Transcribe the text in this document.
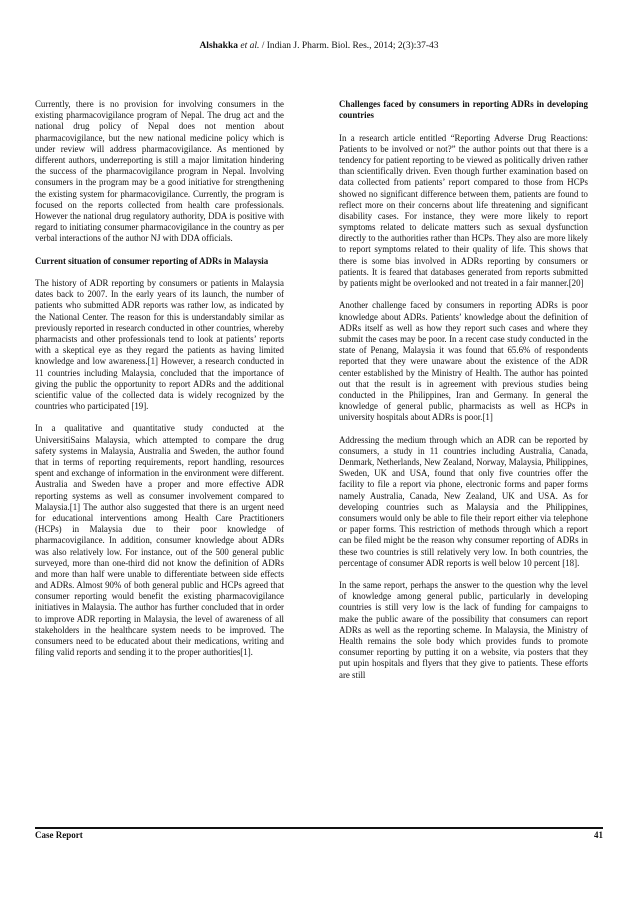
Alshakka et al. / Indian J. Pharm. Biol. Res., 2014; 2(3):37-43

Currently, there is no provision for involving consumers in the existing pharmacovigilance program of Nepal. The drug act and the national drug policy of Nepal does not mention about pharmacovigilance, but the new national medicine policy which is under review will address pharmacovigilance. As mentioned by different authors, underreporting is still a major limitation hindering the success of the pharmacovigilance program in Nepal. Involving consumers in the program may be a good initiative for strengthening the existing system for pharmacovigilance. Currently, the program is focused on the reports collected from health care professionals. However the national drug regulatory authority, DDA is positive with regard to initiating consumer pharmacovigilance in the country as per verbal interactions of the author NJ with DDA officials.

Current situation of consumer reporting of ADRs in Malaysia

The history of ADR reporting by consumers or patients in Malaysia dates back to 2007. In the early years of its launch, the number of patients who submitted ADR reports was rather low, as indicated by the National Center. The reason for this is understandably similar as previously reported in research conducted in other countries, whereby pharmacists and other professionals tend to look at patients’ reports with a skeptical eye as they regard the patients as having limited knowledge and low awareness.[1] However, a research conducted in 11 countries including Malaysia, concluded that the importance of giving the public the opportunity to report ADRs and the additional scientific value of the collected data is widely recognized by the countries who participated [19].

In a qualitative and quantitative study conducted at the UniversitiSains Malaysia, which attempted to compare the drug safety systems in Malaysia, Australia and Sweden, the author found that in terms of reporting requirements, report handling, resources spent and exchange of information in the environment were different. Australia and Sweden have a proper and more effective ADR reporting systems as well as consumer involvement compared to Malaysia.[1] The author also suggested that there is an urgent need for educational interventions among Health Care Practitioners (HCPs) in Malaysia due to their poor knowledge of pharmacovigilance. In addition, consumer knowledge about ADRs was also relatively low. For instance, out of the 500 general public surveyed, more than one-third did not know the definition of ADRs and more than half were unable to differentiate between side effects and ADRs. Almost 90% of both general public and HCPs agreed that consumer reporting would benefit the existing pharmacovigilance initiatives in Malaysia. The author has further concluded that in order to improve ADR reporting in Malaysia, the level of awareness of all stakeholders in the healthcare system needs to be improved. The consumers need to be educated about their medications, writing and filing valid reports and sending it to the proper authorities[1].

Challenges faced by consumers in reporting ADRs in developing countries

In a research article entitled “Reporting Adverse Drug Reactions: Patients to be involved or not?” the author points out that there is a tendency for patient reporting to be viewed as politically driven rather than scientifically driven. Even though further examination based on data collected from patients’ report compared to those from HCPs showed no significant difference between them, patients are found to reflect more on their concerns about life threatening and significant disability cases. For instance, they were more likely to report symptoms related to delicate matters such as sexual dysfunction directly to the authorities rather than HCPs. They also are more likely to report symptoms related to their quality of life. This shows that there is some bias involved in ADRs reporting by consumers or patients. It is feared that databases generated from reports submitted by patients might be overlooked and not treated in a fair manner.[20]

Another challenge faced by consumers in reporting ADRs is poor knowledge about ADRs. Patients’ knowledge about the definition of ADRs itself as well as how they report such cases and where they submit the cases may be poor. In a recent case study conducted in the state of Penang, Malaysia it was found that 65.6% of respondents reported that they were unaware about the existence of the ADR center established by the Ministry of Health. The author has pointed out that the result is in agreement with previous studies being conducted in the Philippines, Iran and Germany. In general the knowledge of general public, pharmacists as well as HCPs in university hospitals about ADRs is poor.[1]

Addressing the medium through which an ADR can be reported by consumers, a study in 11 countries including Australia, Canada, Denmark, Netherlands, New Zealand, Norway, Malaysia, Philippines, Sweden, UK and USA, found that only five countries offer the facility to file a report via phone, electronic forms and paper forms namely Australia, Canada, New Zealand, UK and USA. As for developing countries such as Malaysia and the Philippines, consumers would only be able to file their report either via telephone or paper forms. This restriction of methods through which a report can be filed might be the reason why consumer reporting of ADRs in these two countries is still relatively very low. In both countries, the percentage of consumer ADR reports is well below 10 percent [18].

In the same report, perhaps the answer to the question why the level of knowledge among general public, particularly in developing countries is still very low is the lack of funding for campaigns to make the public aware of the possibility that consumers can report ADRs as well as the reporting scheme. In Malaysia, the Ministry of Health remains the sole body which provides funds to promote consumer reporting by putting it on a website, via posters that they put upin hospitals and flyers that they give to patients. These efforts are still

Case Report	41
